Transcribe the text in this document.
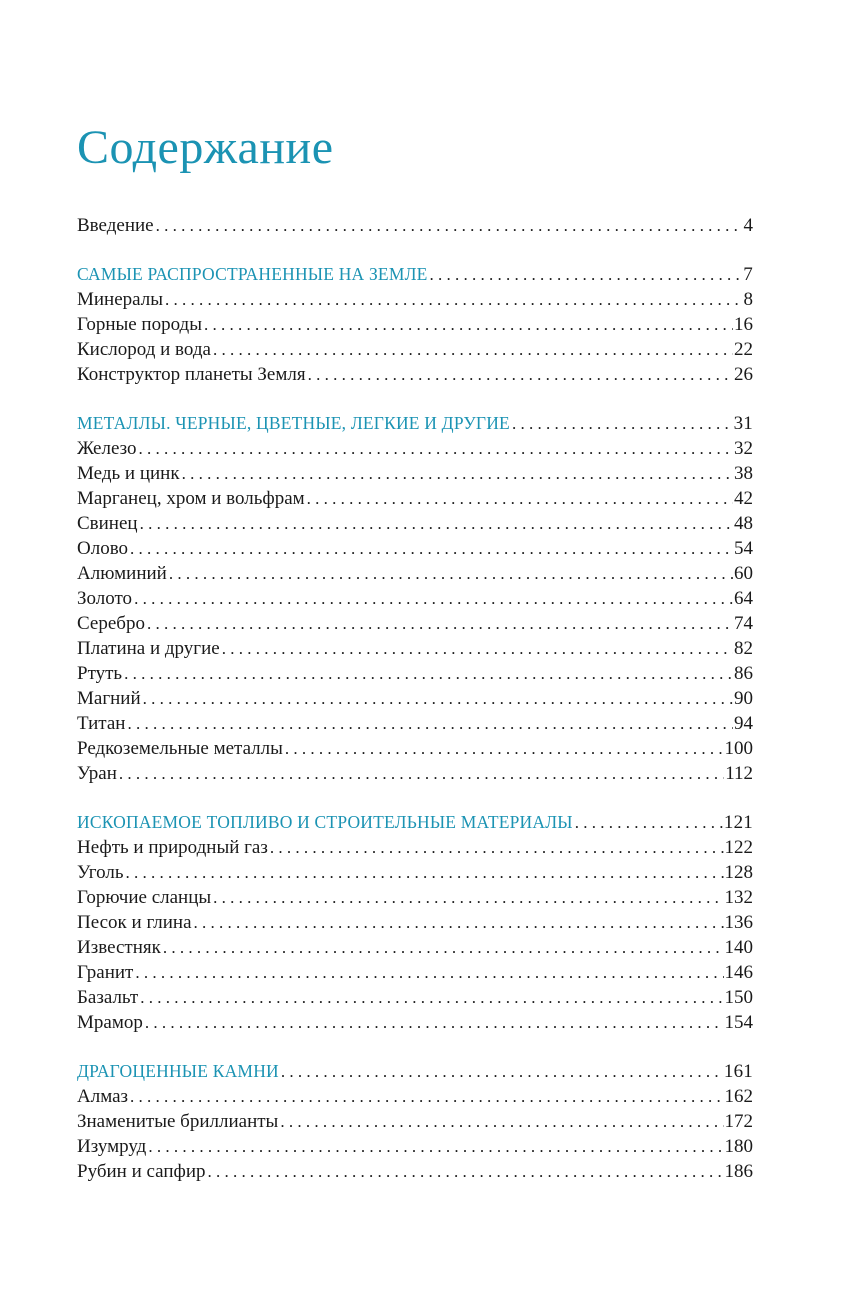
Содержание
Введение . . .	4
САМЫЕ РАСПРОСТРАНЕННЫЕ НА ЗЕМЛЕ . . .	7
Минералы . . .	8
Горные породы . . .	16
Кислород и вода . . .	22
Конструктор планеты Земля . . .	26
МЕТАЛЛЫ. ЧЕРНЫЕ, ЦВЕТНЫЕ, ЛЕГКИЕ И ДРУГИЕ . . .	31
Железо . . .	32
Медь и цинк . . .	38
Марганец, хром и вольфрам . . .	42
Свинец . . .	48
Олово . . .	54
Алюминий . . .	60
Золото . . .	64
Серебро . . .	74
Платина и другие . . .	82
Ртуть . . .	86
Магний . . .	90
Титан . . .	94
Редкоземельные металлы . . .	100
Уран . . .	112
ИСКОПАЕМОЕ ТОПЛИВО И СТРОИТЕЛЬНЫЕ МАТЕРИАЛЫ . . .	121
Нефть и природный газ . . .	122
Уголь . . .	128
Горючие сланцы . . .	132
Песок и глина . . .	136
Известняк . . .	140
Гранит . . .	146
Базальт . . .	150
Мрамор . . .	154
ДРАГОЦЕННЫЕ КАМНИ . . .	161
Алмаз . . .	162
Знаменитые бриллианты . . .	172
Изумруд . . .	180
Рубин и сапфир . . .	186
